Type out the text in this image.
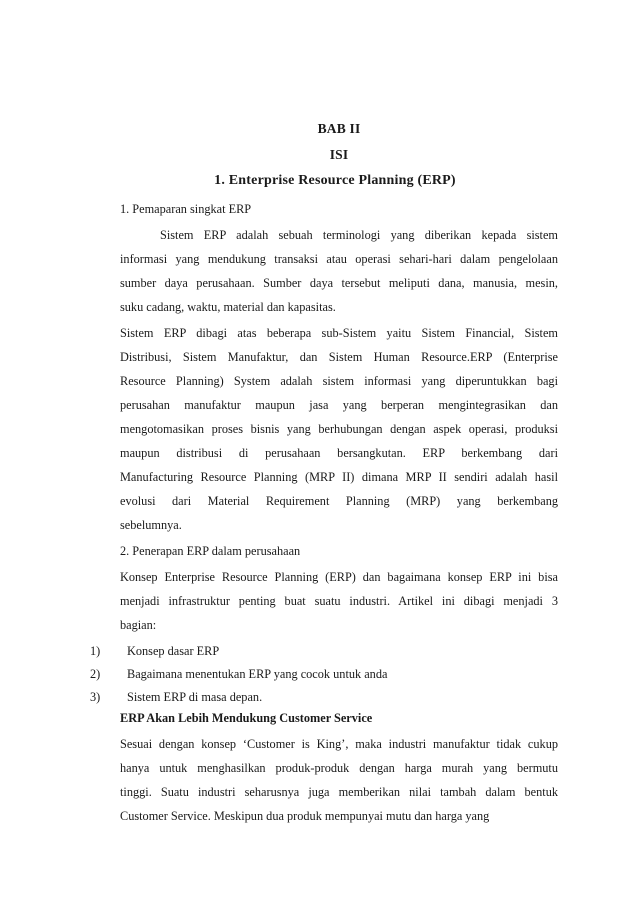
BAB II
ISI
1. Enterprise Resource Planning (ERP)
1. Pemaparan singkat ERP
Sistem ERP adalah sebuah terminologi yang diberikan kepada sistem
informasi yang mendukung transaksi atau operasi sehari-hari dalam pengelolaan
sumber daya perusahaan. Sumber daya tersebut meliputi dana, manusia, mesin,
suku cadang, waktu, material dan kapasitas.
Sistem ERP dibagi atas beberapa sub-Sistem yaitu Sistem Financial, Sistem
Distribusi, Sistem Manufaktur, dan Sistem Human Resource.ERP (Enterprise
Resource Planning) System adalah sistem informasi yang diperuntukkan bagi
perusahan manufaktur maupun jasa yang berperan mengintegrasikan dan
mengotomasikan proses bisnis yang berhubungan dengan aspek operasi, produksi
maupun distribusi di perusahaan bersangkutan. ERP berkembang dari
Manufacturing Resource Planning (MRP II) dimana MRP II sendiri adalah hasil
evolusi dari Material Requirement Planning (MRP) yang berkembang
sebelumnya.
2. Penerapan ERP dalam perusahaan
Konsep Enterprise Resource Planning (ERP) dan bagaimana konsep ERP ini bisa
menjadi infrastruktur penting buat suatu industri. Artikel ini dibagi menjadi 3
bagian:
1) Konsep dasar ERP
2) Bagaimana menentukan ERP yang cocok untuk anda
3) Sistem ERP di masa depan.
ERP Akan Lebih Mendukung Customer Service
Sesuai dengan konsep ‘Customer is King’, maka industri manufaktur tidak cukup
hanya untuk menghasilkan produk-produk dengan harga murah yang bermutu
tinggi. Suatu industri seharusnya juga memberikan nilai tambah dalam bentuk
Customer Service. Meskipun dua produk mempunyai mutu dan harga yang
